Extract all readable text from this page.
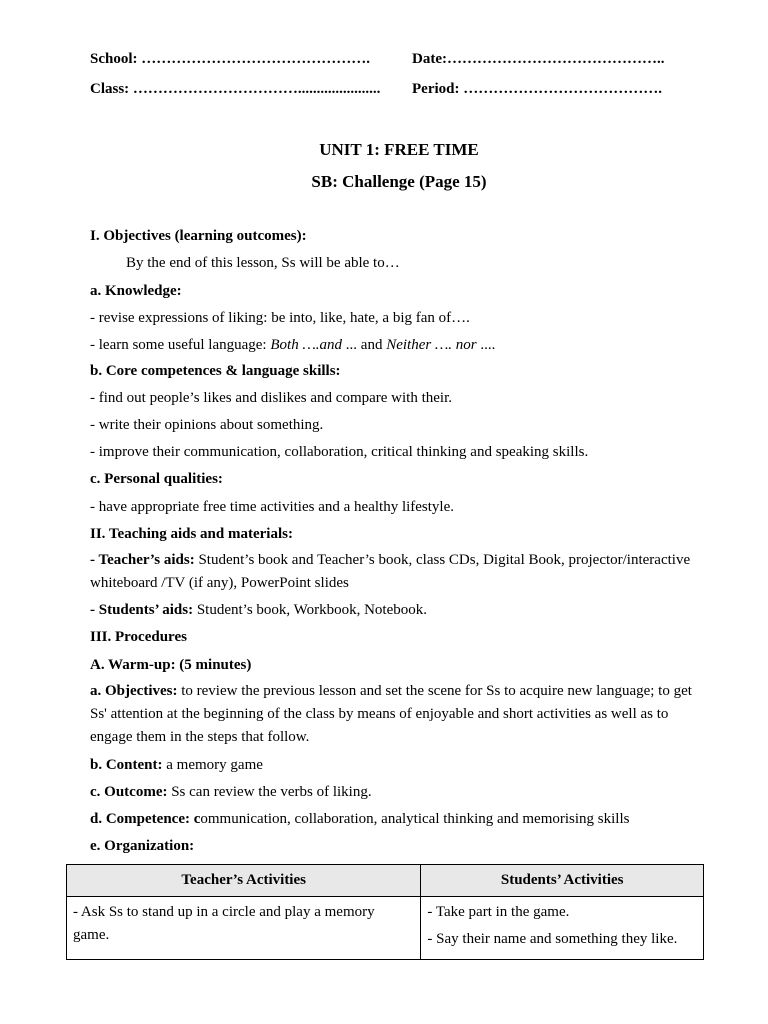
School: ……………………………………….	Date:……………………………………..
Class: ……………………………...................... Period: ………………………………….
UNIT 1: FREE TIME
SB: Challenge (Page 15)
I. Objectives (learning outcomes):
By the end of this lesson, Ss will be able to…
a. Knowledge:
- revise expressions of liking: be into, like, hate, a big fan of….
- learn some useful language: Both ….and ... and Neither …. nor ....
b. Core competences & language skills:
- find out people’s likes and dislikes and compare with their.
- write their opinions about something.
- improve their communication, collaboration, critical thinking and speaking skills.
c. Personal qualities:
- have appropriate free time activities and a healthy lifestyle.
II. Teaching aids and materials:
- Teacher’s aids: Student’s book and Teacher’s book, class CDs, Digital Book, projector/interactive whiteboard /TV (if any), PowerPoint slides
- Students’ aids: Student’s book, Workbook, Notebook.
III. Procedures
A. Warm-up: (5 minutes)
a. Objectives: to review the previous lesson and set the scene for Ss to acquire new language; to get Ss' attention at the beginning of the class by means of enjoyable and short activities as well as to engage them in the steps that follow.
b. Content: a memory game
c. Outcome: Ss can review the verbs of liking.
d. Competence: communication, collaboration, analytical thinking and memorising skills
e. Organization:
Teacher’s Activities	Students’ Activities

- Ask Ss to stand up in a circle and play a memory game.	- Take part in the game.

- Say their name and something they like.
